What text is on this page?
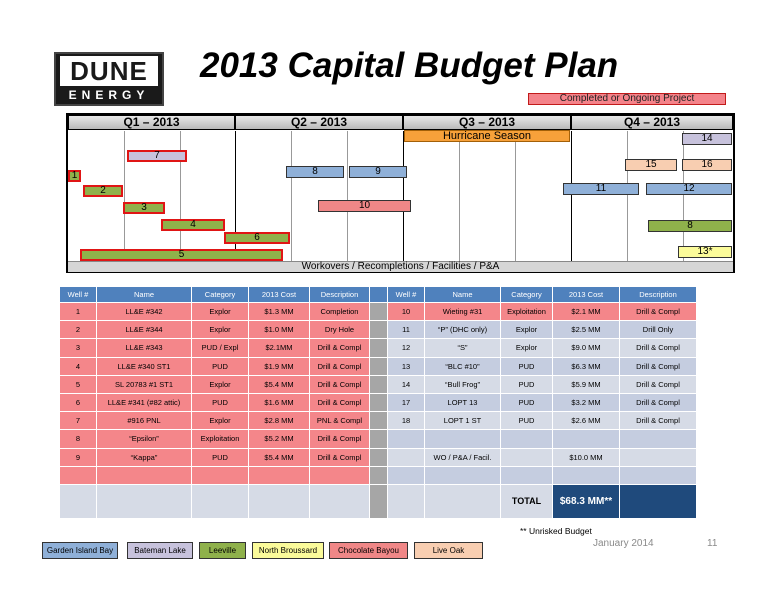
DUNE
ENERGY
2013 Capital Budget Plan
Completed or Ongoing Project
Q1 – 2013	Q2 – 2013	Q3 – 2013	Q4 – 2013
Hurricane Season
7
1
2
3
4
6
5
8	9
10
14
15	16
11	12
8
13*
Workovers / Recompletions / Facilities / P&A
Well #	Name	Category	2013 Cost	Description		Well #	Name	Category	2013 Cost	Description
1	LL&E #342	Explor	$1.3 MM	Completion		10	Wieting #31	Exploitation	$2.1 MM	Drill & Compl
2	LL&E #344	Explor	$1.0 MM	Dry Hole		11	“P” (DHC only)	Explor	$2.5 MM	Drill Only
3	LL&E #343	PUD / Expl	$2.1MM	Drill & Compl		12	“S”	Explor	$9.0 MM	Drill & Compl
4	LL&E #340 ST1	PUD	$1.9 MM	Drill & Compl		13	“BLC #10”	PUD	$6.3 MM	Drill & Compl
5	SL 20783 #1 ST1	Explor	$5.4 MM	Drill & Compl		14	“Bull Frog”	PUD	$5.9 MM	Drill & Compl
6	LL&E #341 (#82 attic)	PUD	$1.6 MM	Drill & Compl		17	LOPT 13	PUD	$3.2 MM	Drill & Compl
7	#916 PNL	Explor	$2.8 MM	PNL & Compl		18	LOPT 1 ST	PUD	$2.6 MM	Drill & Compl
8	“Epsilon”	Exploitation	$5.2 MM	Drill & Compl						
9	“Kappa”	PUD	$5.4 MM	Drill & Compl			WO / P&A / Facil.		$10.0 MM	

								TOTAL	$68.3 MM**	
** Unrisked Budget
January 2014	11
Garden Island Bay	Bateman Lake	Leeville	North Broussard	Chocolate Bayou	Live Oak
